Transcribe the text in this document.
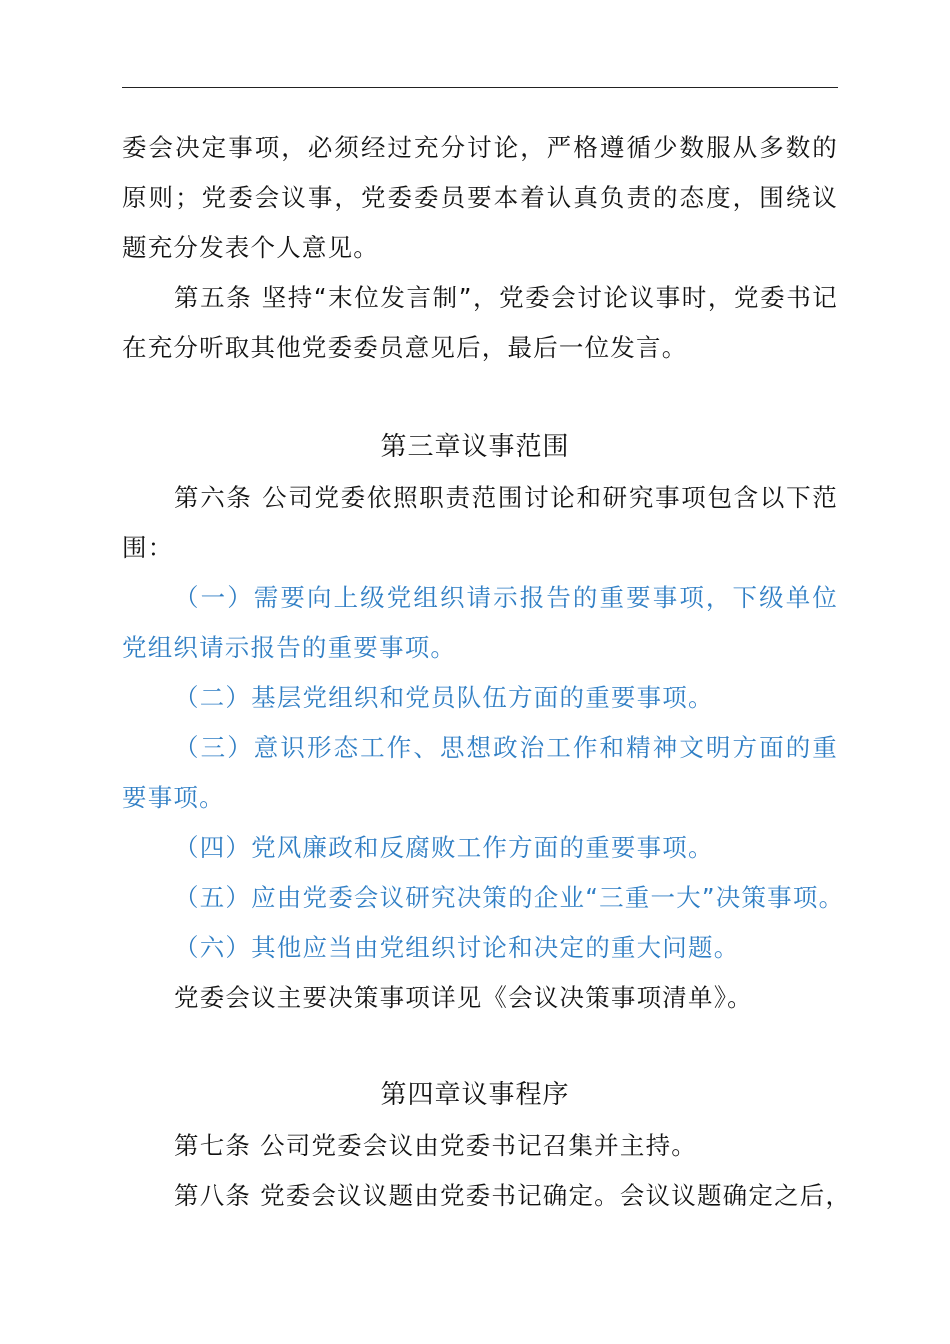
委会决定事项，必须经过充分讨论，严格遵循少数服从多数的
原则；党委会议事，党委委员要本着认真负责的态度，围绕议
题充分发表个人意见。
第五条 坚持“末位发言制”，党委会讨论议事时，党委书记
在充分听取其他党委委员意见后，最后一位发言。
第三章议事范围
第六条 公司党委依照职责范围讨论和研究事项包含以下范
围：
（一）需要向上级党组织请示报告的重要事项，下级单位
党组织请示报告的重要事项。
（二）基层党组织和党员队伍方面的重要事项。
（三）意识形态工作、思想政治工作和精神文明方面的重
要事项。
（四）党风廉政和反腐败工作方面的重要事项。
（五）应由党委会议研究决策的企业“三重一大”决策事项。
（六）其他应当由党组织讨论和决定的重大问题。
党委会议主要决策事项详见《会议决策事项清单》。
第四章议事程序
第七条 公司党委会议由党委书记召集并主持。
第八条 党委会议议题由党委书记确定。会议议题确定之后，
